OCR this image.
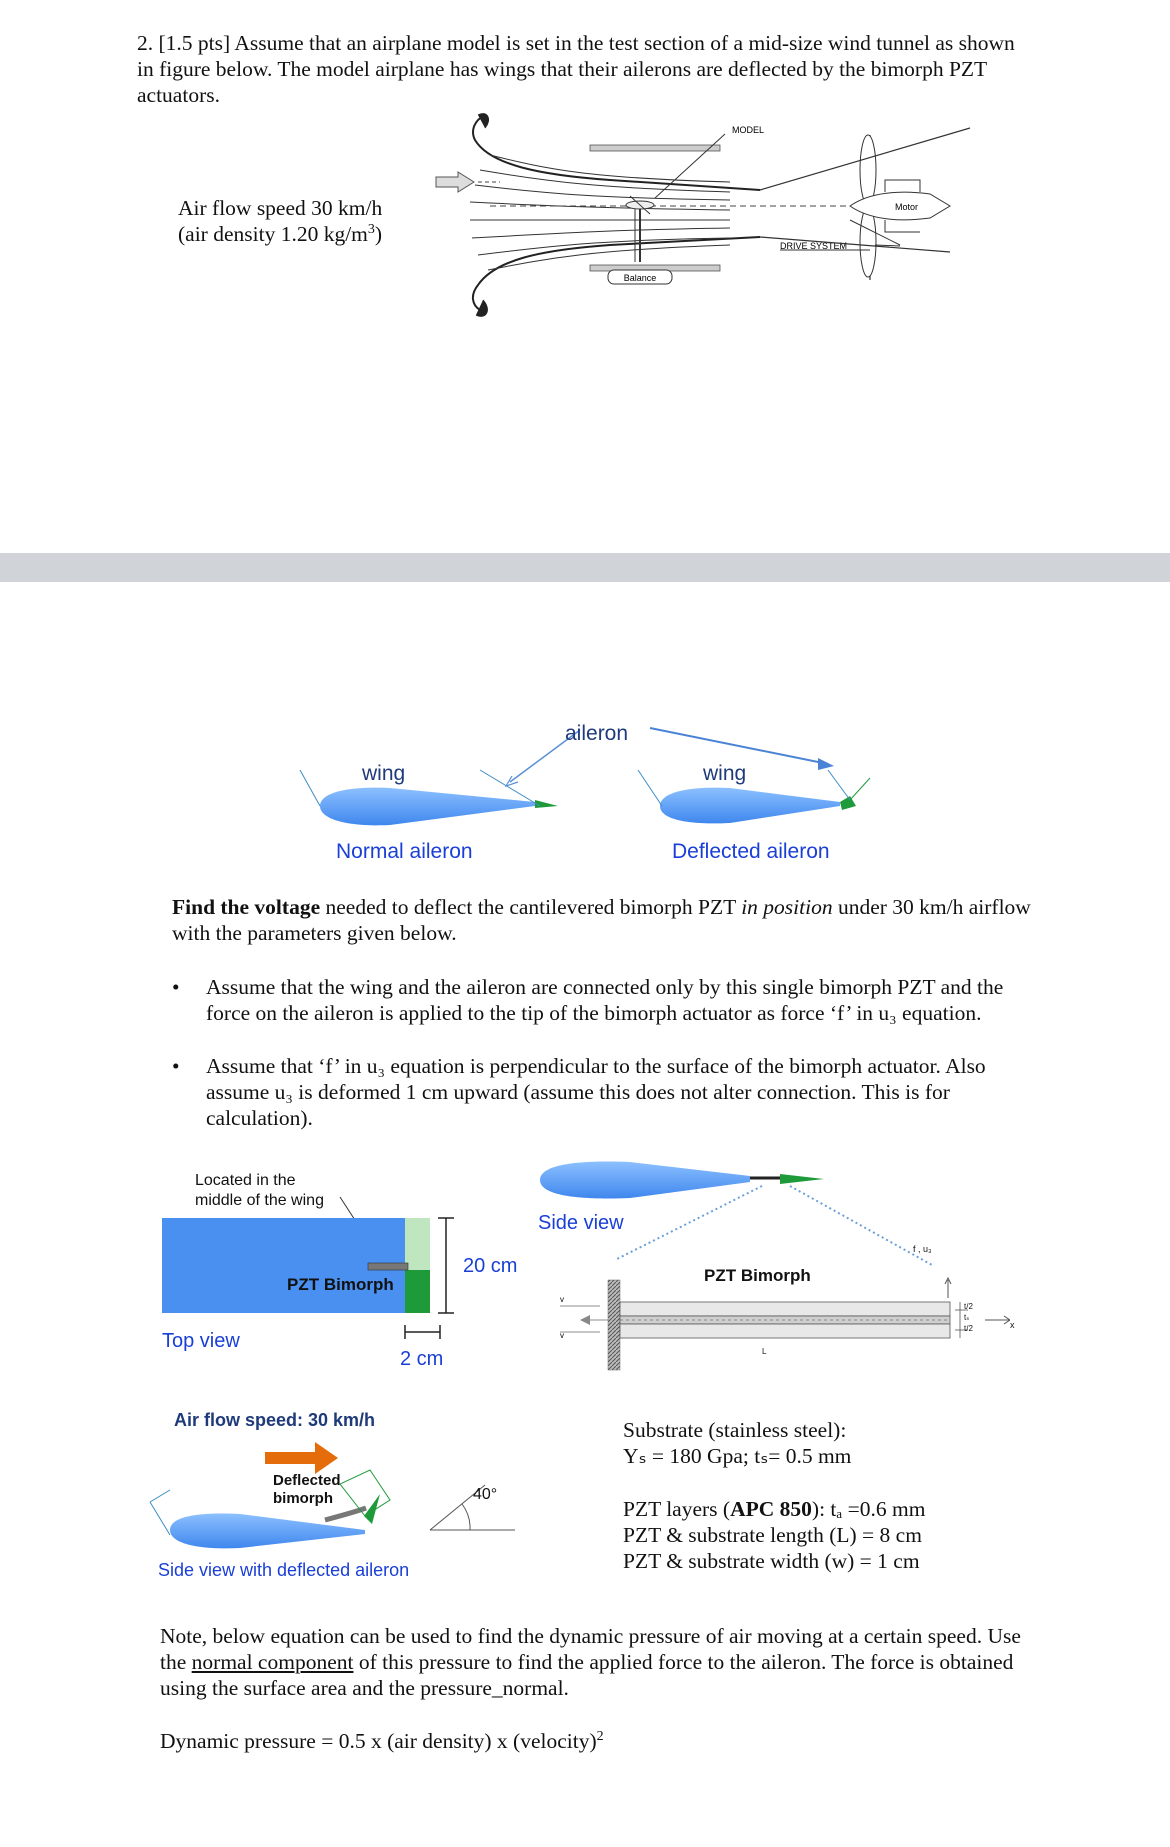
2. [1.5 pts] Assume that an airplane model is set in the test section of a mid-size wind tunnel as shown in figure below. The model airplane has wings that their ailerons are deflected by the bimorph PZT actuators.
Air flow speed 30 km/h
(air density 1.20 $kg/m^3$)
Balance
MODEL
Motor
DRIVE SYSTEM
aileron
wing	wing
Normal aileron	Deflected aileron
Find the voltage needed to deflect the cantilevered bimorph PZT in position under 30 km/h airflow with the parameters given below.
• Assume that the wing and the aileron are connected only by this single bimorph PZT and the force on the aileron is applied to the tip of the bimorph actuator as force ‘f’ in u₃ equation.
• Assume that ‘f’ in u₃ equation is perpendicular to the surface of the bimorph actuator. Also assume u₃ is deformed 1 cm upward (assume this does not alter connection. This is for calculation).
Located in the
middle of the wing
PZT Bimorph
20 cm
2 cm
Top view
v
v
Side view
PZT Bimorph
f , u₃
t/2
tₛ
t/2	x
L
Air flow speed: 30 km/h
Deflected
bimorph	40°
Side view with deflected aileron
Substrate (stainless steel):
Yₛ = 180 Gpa; tₛ= 0.5 mm
PZT layers (APC 850): tₐ =0.6 mm
PZT & substrate length (L) = 8 cm
PZT & substrate width (w) = 1 cm
Note, below equation can be used to find the dynamic pressure of air moving at a certain speed. Use the normal component of this pressure to find the applied force to the aileron. The force is obtained using the surface area and the pressure_normal.
Dynamic pressure = 0.5 x (air density) x (velocity)$^2$
